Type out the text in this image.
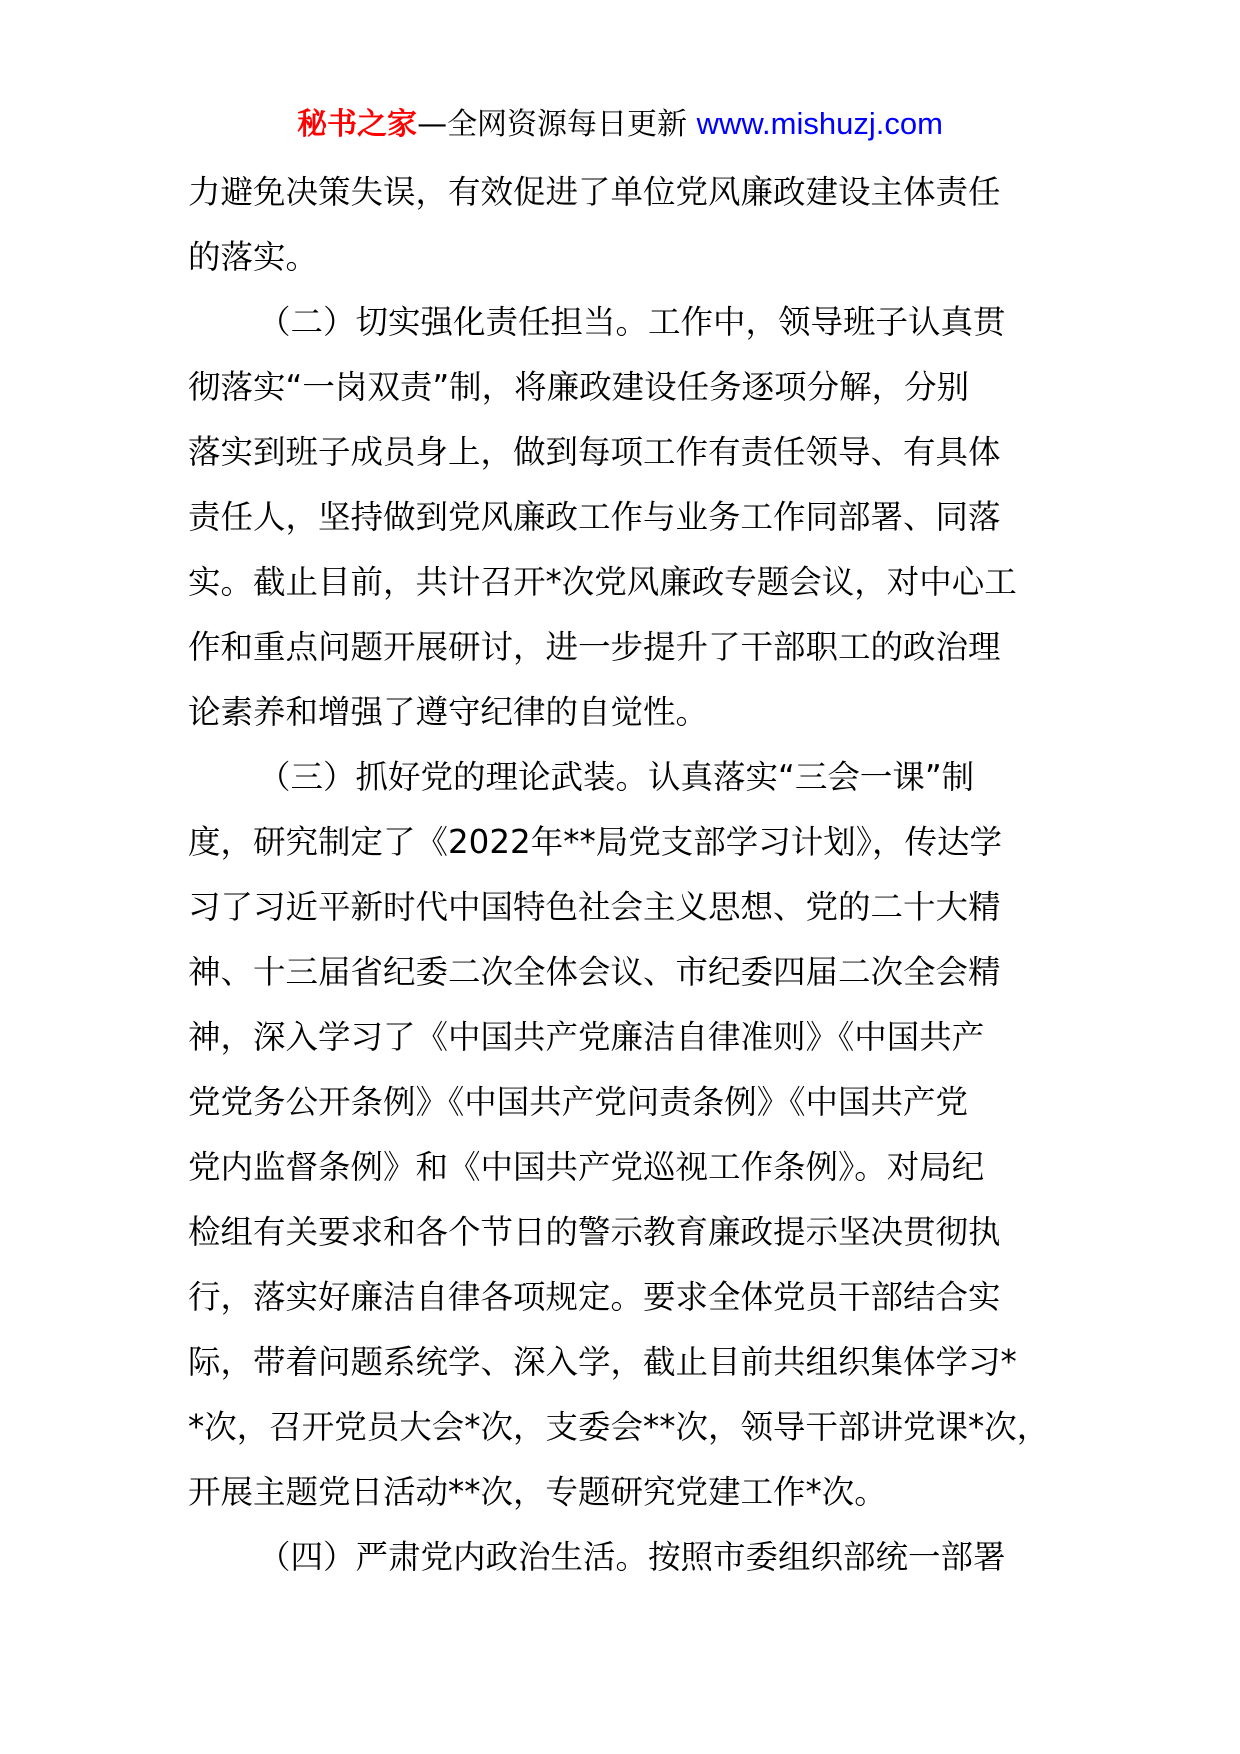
秘书之家—全网资源每日更新 www.mishuzj.com
力避免决策失误，有效促进了单位党风廉政建设主体责任
的落实。
（二）切实强化责任担当。工作中，领导班子认真贯
彻落实“一岗双责”制，将廉政建设任务逐项分解，分别
落实到班子成员身上，做到每项工作有责任领导、有具体
责任人，坚持做到党风廉政工作与业务工作同部署、同落
实。截止目前，共计召开*次党风廉政专题会议，对中心工
作和重点问题开展研讨，进一步提升了干部职工的政治理
论素养和增强了遵守纪律的自觉性。
（三）抓好党的理论武装。认真落实“三会一课”制
度，研究制定了《2022年**局党支部学习计划》，传达学
习了习近平新时代中国特色社会主义思想、党的二十大精
神、十三届省纪委二次全体会议、市纪委四届二次全会精
神，深入学习了《中国共产党廉洁自律准则》《中国共产
党党务公开条例》《中国共产党问责条例》《中国共产党
党内监督条例》和《中国共产党巡视工作条例》。对局纪
检组有关要求和各个节日的警示教育廉政提示坚决贯彻执
行，落实好廉洁自律各项规定。要求全体党员干部结合实
际，带着问题系统学、深入学，截止目前共组织集体学习*
*次，召开党员大会*次，支委会**次，领导干部讲党课*次，
开展主题党日活动**次，专题研究党建工作*次。
（四）严肃党内政治生活。按照市委组织部统一部署
